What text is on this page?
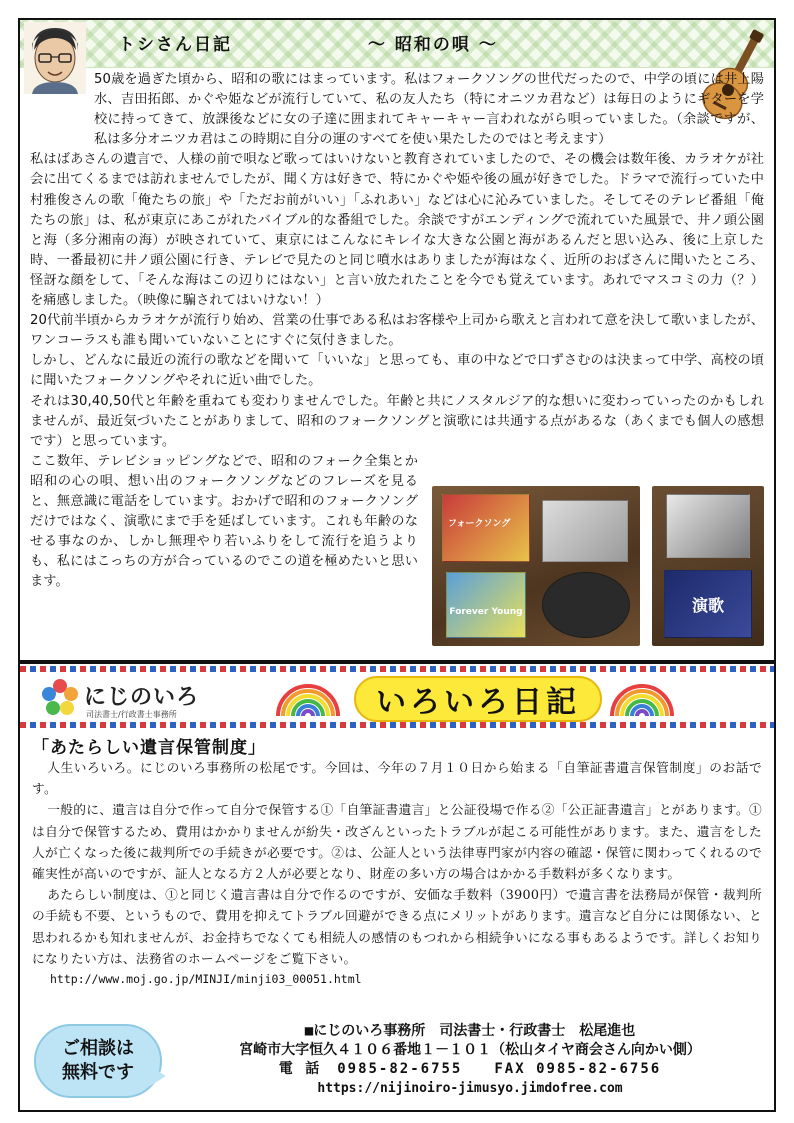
トシさん日記	～ 昭和の唄 ～

50歳を過ぎた頃から、昭和の歌にはまっています。私はフォークソングの世代だったので、中学の頃には井上陽水、吉田拓郎、かぐや姫などが流行していて、私の友人たち（特にオニツカ君など）は毎日のようにギターを学校に持ってきて、放課後などに女の子達に囲まれてキャーキャー言われながら唄っていました。（余談ですが、私は多分オニツカ君はこの時期に自分の運のすべてを使い果たしたのではと考えます）

私はばあさんの遺言で、人様の前で唄など歌ってはいけないと教育されていましたので、その機会は数年後、カラオケが社会に出てくるまでは訪れませんでしたが、聞く方は好きで、特にかぐや姫や後の風が好きでした。ドラマで流行っていた中村雅俊さんの歌「俺たちの旅」や「ただお前がいい」「ふれあい」などは心に沁みていました。そしてそのテレビ番組「俺たちの旅」は、私が東京にあこがれたバイブル的な番組でした。余談ですがエンディングで流れていた風景で、井ノ頭公園と海（多分湘南の海）が映されていて、東京にはこんなにキレイな大きな公園と海があるんだと思い込み、後に上京した時、一番最初に井ノ頭公園に行き、テレビで見たのと同じ噴水はありましたが海はなく、近所のおばさんに聞いたところ、怪訝な顔をして、「そんな海はこの辺りにはない」と言い放たれたことを今でも覚えています。あれでマスコミの力（？）を痛感しました。（映像に騙されてはいけない！）

20代前半頃からカラオケが流行り始め、営業の仕事である私はお客様や上司から歌えと言われて意を決して歌いましたが、ワンコーラスも誰も聞いていないことにすぐに気付きました。

しかし、どんなに最近の流行の歌などを聞いて「いいな」と思っても、車の中などで口ずさむのは決まって中学、高校の頃に聞いたフォークソングやそれに近い曲でした。

それは30,40,50代と年齢を重ねても変わりませんでした。年齢と共にノスタルジア的な想いに変わっていったのかもしれませんが、最近気づいたことがありまして、昭和のフォークソングと演歌には共通する点があるな（あくまでも個人の感想です）と思っています。

ここ数年、テレビショッピングなどで、昭和のフォーク全集とか昭和の心の唄、想い出のフォークソングなどのフレーズを見ると、無意識に電話をしています。おかげで昭和のフォークソングだけではなく、演歌にまで手を延ばしています。これも年齢のなせる事なのか、しかし無理やり若いふりをして流行を追うよりも、私にはこっちの方が合っているのでこの道を極めたいと思います。

Forever Young
フォークソング
演歌
にじのいろ
司法書士/行政書士事務所	いろいろ日記
「あたらしい遺言保管制度」

人生いろいろ。にじのいろ事務所の松尾です。今回は、今年の７月１０日から始まる「自筆証書遺言保管制度」のお話です。

一般的に、遺言は自分で作って自分で保管する①「自筆証書遺言」と公証役場で作る②「公正証書遺言」とがあります。①は自分で保管するため、費用はかかりませんが紛失・改ざんといったトラブルが起こる可能性があります。また、遺言をした人が亡くなった後に裁判所での手続きが必要です。②は、公証人という法律専門家が内容の確認・保管に関わってくれるので確実性が高いのですが、証人となる方２人が必要となり、財産の多い方の場合はかかる手数料が多くなります。

あたらしい制度は、①と同じく遺言書は自分で作るのですが、安価な手数料（3900円）で遺言書を法務局が保管・裁判所の手続も不要、というもので、費用を抑えてトラブル回避ができる点にメリットがあります。遺言など自分には関係ない、と思われるかも知れませんが、お金持ちでなくても相続人の感情のもつれから相続争いになる事もあるようです。詳しくお知りになりたい方は、法務省のホームページをご覧下さい。

http://www.moj.go.jp/MINJI/minji03_00051.html

ご相談は
無料です
■にじのいろ事務所　司法書士・行政書士　松尾進也
宮崎市大字恒久４１０６番地１－１０１（松山タイヤ商会さん向かい側）
電 話　0985-82-6755　　FAX 0985-82-6756
https://nijinoiro-jimusyo.jimdofree.com
